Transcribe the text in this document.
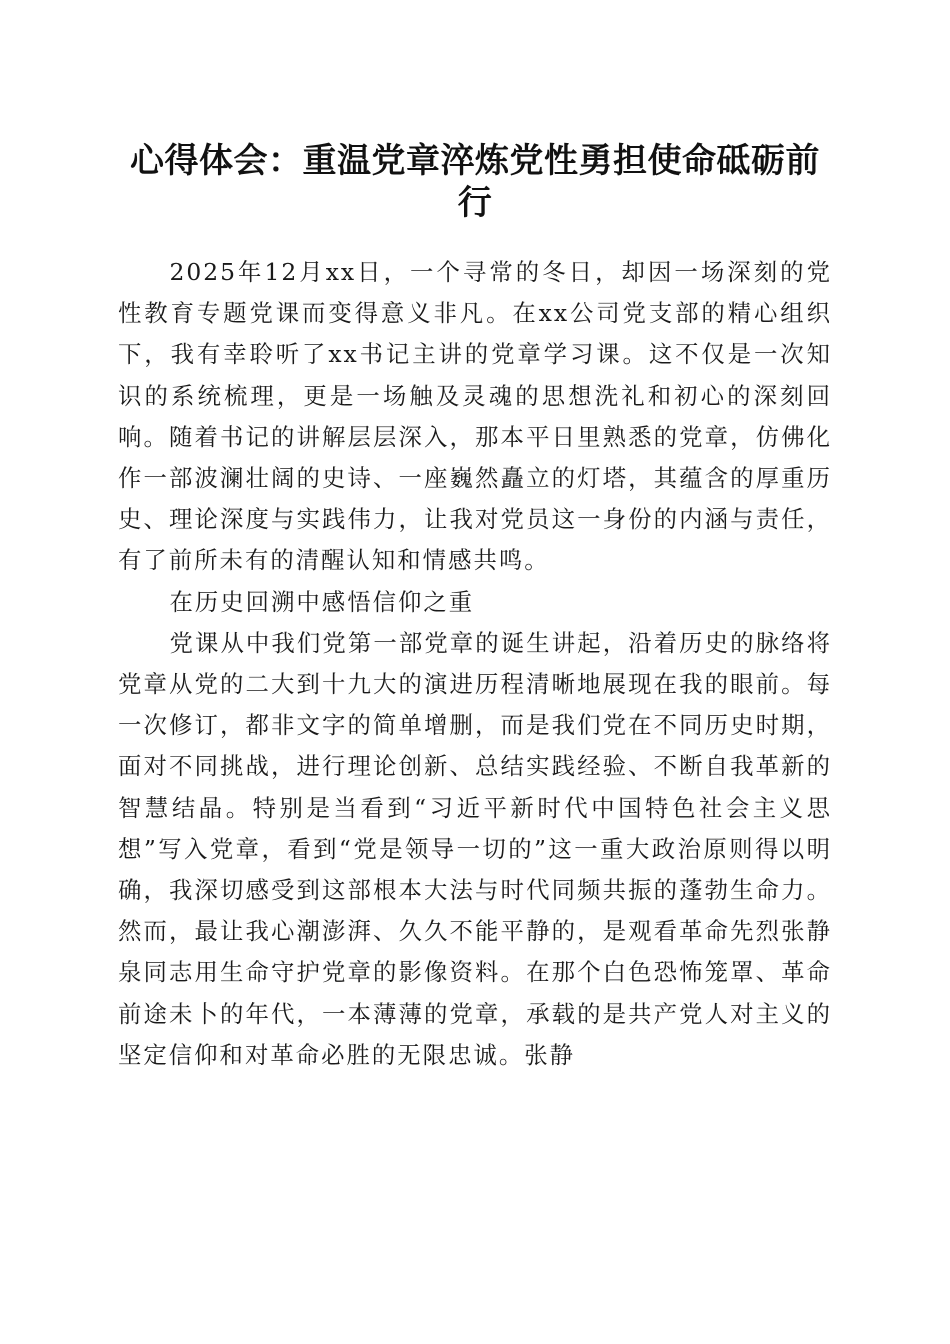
心得体会：重温党章淬炼党性勇担使命砥砺前行

2025年12月xx日，一个寻常的冬日，却因一场深刻的党性教育专题党课而变得意义非凡。在xx公司党支部的精心组织下，我有幸聆听了xx书记主讲的党章学习课。这不仅是一次知识的系统梳理，更是一场触及灵魂的思想洗礼和初心的深刻回响。随着书记的讲解层层深入，那本平日里熟悉的党章，仿佛化作一部波澜壮阔的史诗、一座巍然矗立的灯塔，其蕴含的厚重历史、理论深度与实践伟力，让我对党员这一身份的内涵与责任，有了前所未有的清醒认知和情感共鸣。

在历史回溯中感悟信仰之重

党课从中我们党第一部党章的诞生讲起，沿着历史的脉络将党章从党的二大到十九大的演进历程清晰地展现在我的眼前。每一次修订，都非文字的简单增删，而是我们党在不同历史时期，面对不同挑战，进行理论创新、总结实践经验、不断自我革新的智慧结晶。特别是当看到“习近平新时代中国特色社会主义思想”写入党章，看到“党是领导一切的”这一重大政治原则得以明确，我深切感受到这部根本大法与时代同频共振的蓬勃生命力。然而，最让我心潮澎湃、久久不能平静的，是观看革命先烈张静泉同志用生命守护党章的影像资料。在那个白色恐怖笼罩、革命前途未卜的年代，一本薄薄的党章，承载的是共产党人对主义的坚定信仰和对革命必胜的无限忠诚。张静
